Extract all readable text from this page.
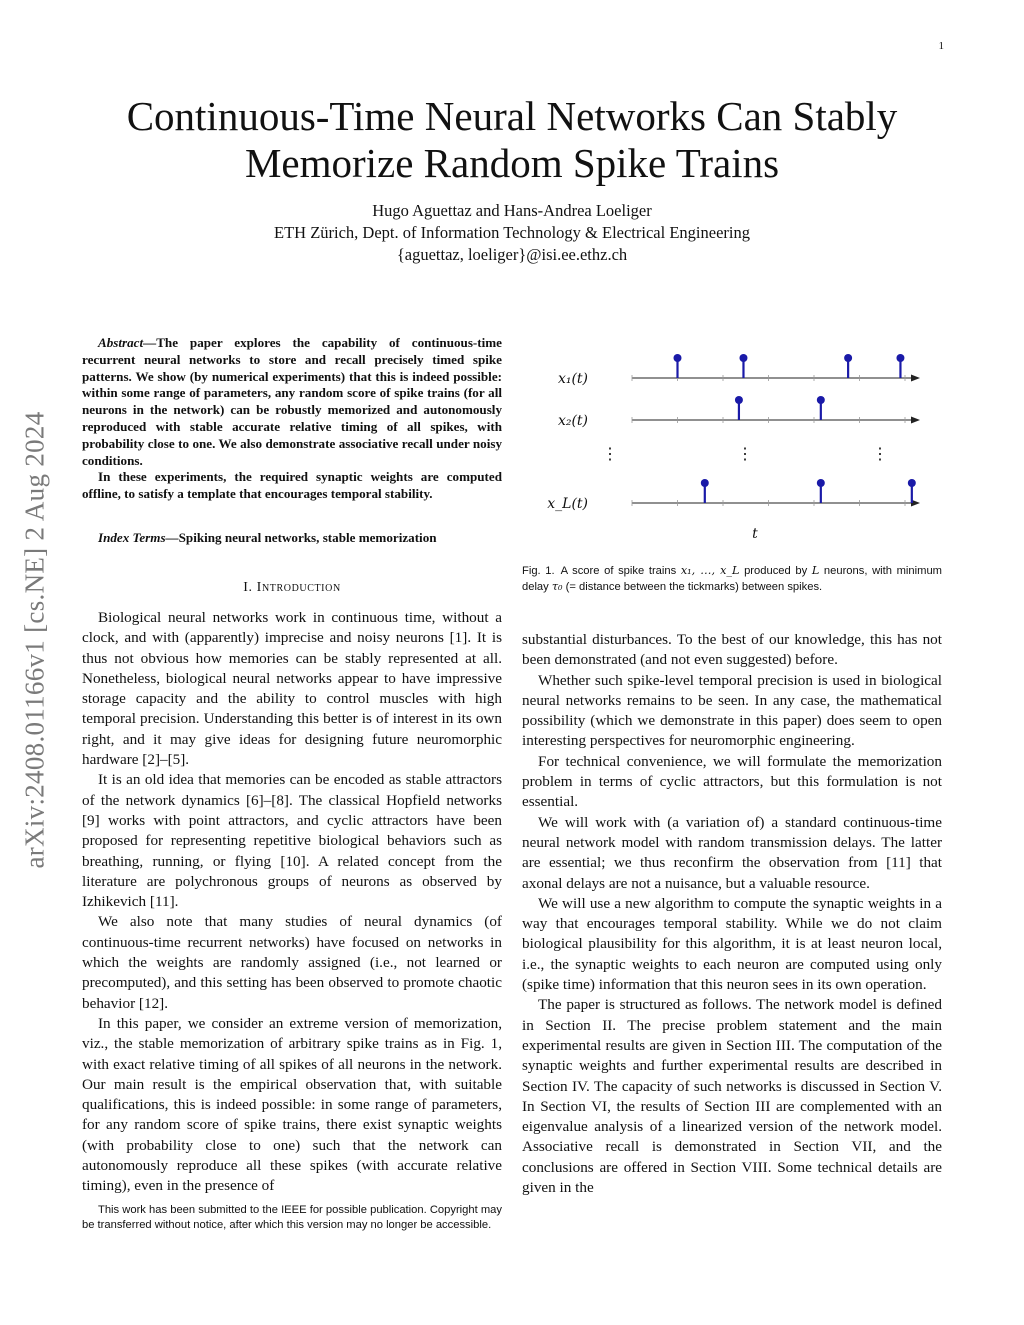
1
arXiv:2408.01166v1 [cs.NE] 2 Aug 2024
Continuous-Time Neural Networks Can Stably
Memorize Random Spike Trains
Hugo Aguettaz and Hans-Andrea Loeliger
ETH Zürich, Dept. of Information Technology & Electrical Engineering
{aguettaz, loeliger}@isi.ee.ethz.ch

Abstract—The paper explores the capability of continuous-time recurrent neural networks to store and recall precisely timed spike patterns. We show (by numerical experiments) that this is indeed possible: within some range of parameters, any random score of spike trains (for all neurons in the network) can be robustly memorized and autonomously reproduced with stable accurate relative timing of all spikes, with probability close to one. We also demonstrate associative recall under noisy conditions.

In these experiments, the required synaptic weights are computed offline, to satisfy a template that encourages temporal stability.

Index Terms—Spiking neural networks, stable memorization
I. Introduction

Biological neural networks work in continuous time, without a clock, and with (apparently) imprecise and noisy neurons [1]. It is thus not obvious how memories can be stably represented at all. Nonetheless, biological neural networks appear to have impressive storage capacity and the ability to control muscles with high temporal precision. Understanding this better is of interest in its own right, and it may give ideas for designing future neuromorphic hardware [2]–[5].

It is an old idea that memories can be encoded as stable attractors of the network dynamics [6]–[8]. The classical Hopfield networks [9] works with point attractors, and cyclic attractors have been proposed for representing repetitive biological behaviors such as breathing, running, or flying [10]. A related concept from the literature are polychronous groups of neurons as observed by Izhikevich [11].

We also note that many studies of neural dynamics (of continuous-time recurrent networks) have focused on networks in which the weights are randomly assigned (i.e., not learned or precomputed), and this setting has been observed to promote chaotic behavior [12].

In this paper, we consider an extreme version of memorization, viz., the stable memorization of arbitrary spike trains as in Fig. 1, with exact relative timing of all spikes of all neurons in the network. Our main result is the empirical observation that, with suitable qualifications, this is indeed possible: in some range of parameters, for any random score of spike trains, there exist synaptic weights (with probability close to one) such that the network can autonomously reproduce all these spikes (with accurate relative timing), even in the presence of

This work has been submitted to the IEEE for possible publication. Copyright may be transferred without notice, after which this version may no longer be accessible.
x₁(t)
x₂(t)
x_L(t)
⋮	⋮	⋮
t
Fig. 1. A score of spike trains x₁, …, x_L produced by L neurons, with minimum delay τ₀ (= distance between the tickmarks) between spikes.

substantial disturbances. To the best of our knowledge, this has not been demonstrated (and not even suggested) before.

Whether such spike-level temporal precision is used in biological neural networks remains to be seen. In any case, the mathematical possibility (which we demonstrate in this paper) does seem to open interesting perspectives for neuromorphic engineering.

For technical convenience, we will formulate the memorization problem in terms of cyclic attractors, but this formulation is not essential.

We will work with (a variation of) a standard continuous-time neural network model with random transmission delays. The latter are essential; we thus reconfirm the observation from [11] that axonal delays are not a nuisance, but a valuable resource.

We will use a new algorithm to compute the synaptic weights in a way that encourages temporal stability. While we do not claim biological plausibility for this algorithm, it is at least neuron local, i.e., the synaptic weights to each neuron are computed using only (spike time) information that this neuron sees in its own operation.

The paper is structured as follows. The network model is defined in Section II. The precise problem statement and the main experimental results are given in Section III. The computation of the synaptic weights and further experimental results are described in Section IV. The capacity of such networks is discussed in Section V. In Section VI, the results of Section III are complemented with an eigenvalue analysis of a linearized version of the network model. Associative recall is demonstrated in Section VII, and the conclusions are offered in Section VIII. Some technical details are given in the
